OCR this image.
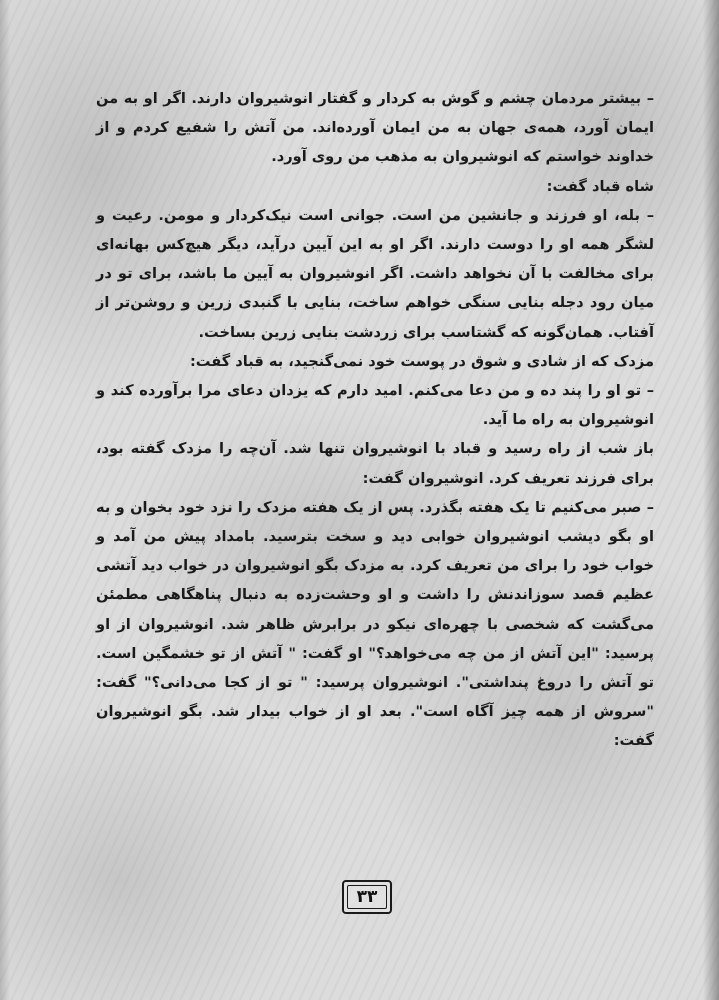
– بیشتر مردمان چشم و گوش به کردار و گفتار انوشیروان دارند. اگر او به من ایمان آورد، همه‌ی جهان به من ایمان آورده‌اند. من آتش را شفیع کردم و از خداوند خواستم که انوشیروان به مذهب من روی آورد.

شاه قباد گفت:

– بله، او فرزند و جانشین من است. جوانی است نیک‌کردار و مومن. رعیت و لشگر همه او را دوست دارند. اگر او به این آیین درآید، دیگر هیچ‌کس بهانه‌ای برای مخالفت با آن نخواهد داشت. اگر انوشیروان به آیین ما باشد، برای تو در میان رود دجله بنایی سنگی خواهم ساخت، بنایی با گنبدی زرین و روشن‌تر از آفتاب. همان‌گونه که گشتاسب برای زردشت بنایی زرین بساخت.

مزدک که از شادی و شوق در پوست خود نمی‌گنجید، به قباد گفت:

– تو او را پند ده و من دعا می‌کنم. امید دارم که یزدان دعای مرا برآورده کند و انوشیروان به راه ما آید.

باز شب از راه رسید و قباد با انوشیروان تنها شد. آن‌چه را مزدک گفته بود، برای فرزند تعریف کرد. انوشیروان گفت:

– صبر می‌کنیم تا یک هفته بگذرد. پس از یک هفته مزدک را نزد خود بخوان و به او بگو دیشب انوشیروان خوابی دید و سخت بترسید. بامداد پیش من آمد و خواب خود را برای من تعریف کرد. به مزدک بگو انوشیروان در خواب دید آتشی عظیم قصد سوزاندنش را داشت و او وحشت‌زده به دنبال پناهگاهی مطمئن می‌گشت که شخصی با چهره‌ای نیکو در برابرش ظاهر شد. انوشیروان از او پرسید: "این آتش از من چه می‌خواهد؟" او گفت: " آتش از تو خشمگین است. تو آتش را دروغ پنداشتی". انوشیروان پرسید: " تو از کجا می‌دانی؟" گفت: "سروش از همه چیز آگاه است". بعد او از خواب بیدار شد. بگو انوشیروان گفت:

۳۳
